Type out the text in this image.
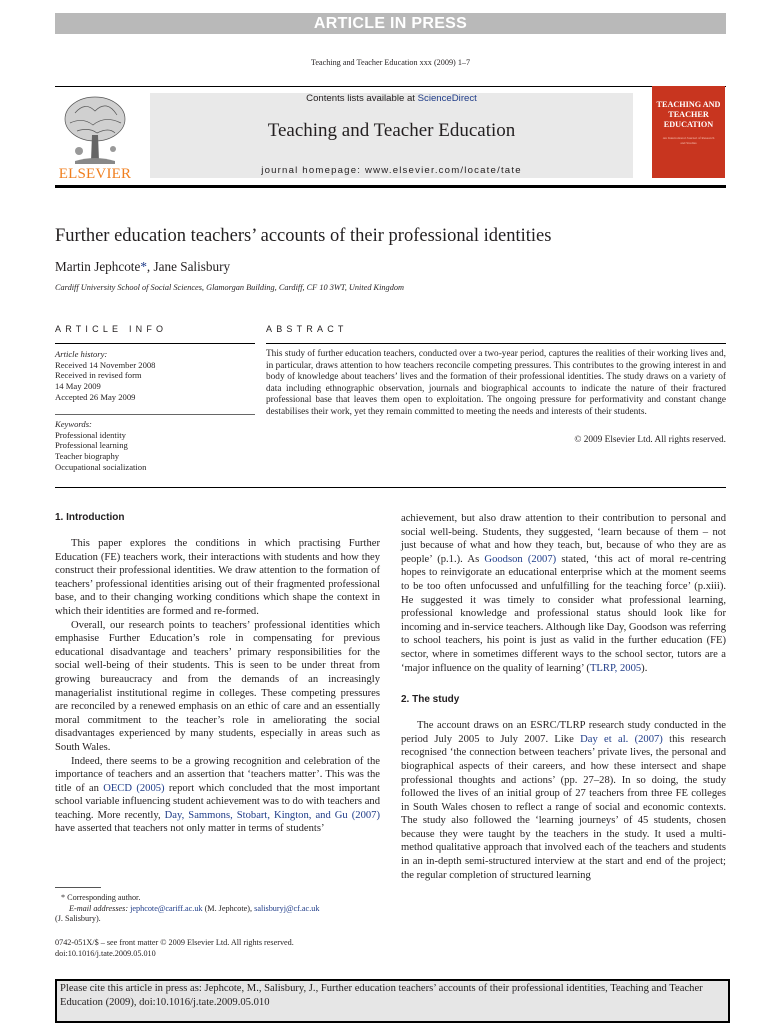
ARTICLE IN PRESS
Teaching and Teacher Education xxx (2009) 1–7
ELSEVIER
Contents lists available at ScienceDirect
Teaching and Teacher Education
journal homepage: www.elsevier.com/locate/tate
TEACHING AND TEACHER EDUCATION
An International Journal of Research and Studies
Further education teachers’ accounts of their professional identities
Martin Jephcote*, Jane Salisbury
Cardiff University School of Social Sciences, Glamorgan Building, Cardiff, CF 10 3WT, United Kingdom
ARTICLE INFO
Article history:
Received 14 November 2008
Received in revised form
14 May 2009
Accepted 26 May 2009
Keywords:
Professional identity
Professional learning
Teacher biography
Occupational socialization
ABSTRACT
This study of further education teachers, conducted over a two-year period, captures the realities of their working lives and, in particular, draws attention to how teachers reconcile competing pressures. This contributes to the growing interest in and body of knowledge about teachers’ lives and the formation of their professional identities. The study draws on a variety of data including ethnographic observation, journals and biographical accounts to indicate the nature of their fractured professional base that leaves them open to exploitation. The ongoing pressure for performativity and constant change destabilises their work, yet they remain committed to meeting the needs and interests of their students.
© 2009 Elsevier Ltd. All rights reserved.
1. Introduction

This paper explores the conditions in which practising Further Education (FE) teachers work, their interactions with students and how they construct their professional identities. We draw attention to the formation of teachers’ professional identities arising out of their fragmented professional base, and to their changing working conditions which shape the context in which their identities are formed and re-formed.

Overall, our research points to teachers’ professional identities which emphasise Further Education’s role in compensating for previous educational disadvantage and teachers’ primary responsibilities for the social well-being of their students. This is seen to be under threat from growing bureaucracy and from the demands of an increasingly managerialist institutional regime in colleges. These competing pressures are reconciled by a renewed emphasis on an ethic of care and an essentially moral commitment to the teacher’s role in ameliorating the social disadvantages experienced by many students, especially in areas such as South Wales.

Indeed, there seems to be a growing recognition and celebration of the importance of teachers and an assertion that ‘teachers matter’. This was the title of an OECD (2005) report which concluded that the most important school variable influencing student achievement was to do with teachers and teaching. More recently, Day, Sammons, Stobart, Kington, and Gu (2007) have asserted that teachers not only matter in terms of students’

achievement, but also draw attention to their contribution to personal and social well-being. Students, they suggested, ‘learn because of them – not just because of what and how they teach, but, because of who they are as people’ (p.1.). As Goodson (2007) stated, ‘this act of moral re-centring hopes to reinvigorate an educational enterprise which at the moment seems to be too often unfocussed and unfulfilling for the teaching force’ (p.xiii). He suggested it was timely to consider what professional learning, professional knowledge and professional status should look like for incoming and in-service teachers. Although like Day, Goodson was referring to school teachers, his point is just as valid in the further education (FE) sector, where in sometimes different ways to the school sector, tutors are a ‘major influence on the quality of learning’ (TLRP, 2005).

2. The study

The account draws on an ESRC/TLRP research study conducted in the period July 2005 to July 2007. Like Day et al. (2007) this research recognised ‘the connection between teachers’ private lives, the personal and biographical aspects of their careers, and how these intersect and shape professional thoughts and actions’ (pp. 27–28). In so doing, the study followed the lives of an initial group of 27 teachers from three FE colleges in South Wales chosen to reflect a range of social and economic contexts. The study also followed the ‘learning journeys’ of 45 students, chosen because they were taught by the teachers in the study. It used a multi-method qualitative approach that involved each of the teachers and students in an in-depth semi-structured interview at the start and end of the project; the regular completion of structured learning

* Corresponding author.
E-mail addresses: jephcote@cariff.ac.uk (M. Jephcote), salisburyj@cf.ac.uk
(J. Salisbury).
0742-051X/$ – see front matter © 2009 Elsevier Ltd. All rights reserved.
doi:10.1016/j.tate.2009.05.010
Please cite this article in press as: Jephcote, M., Salisbury, J., Further education teachers’ accounts of their professional identities, Teaching and Teacher Education (2009), doi:10.1016/j.tate.2009.05.010
